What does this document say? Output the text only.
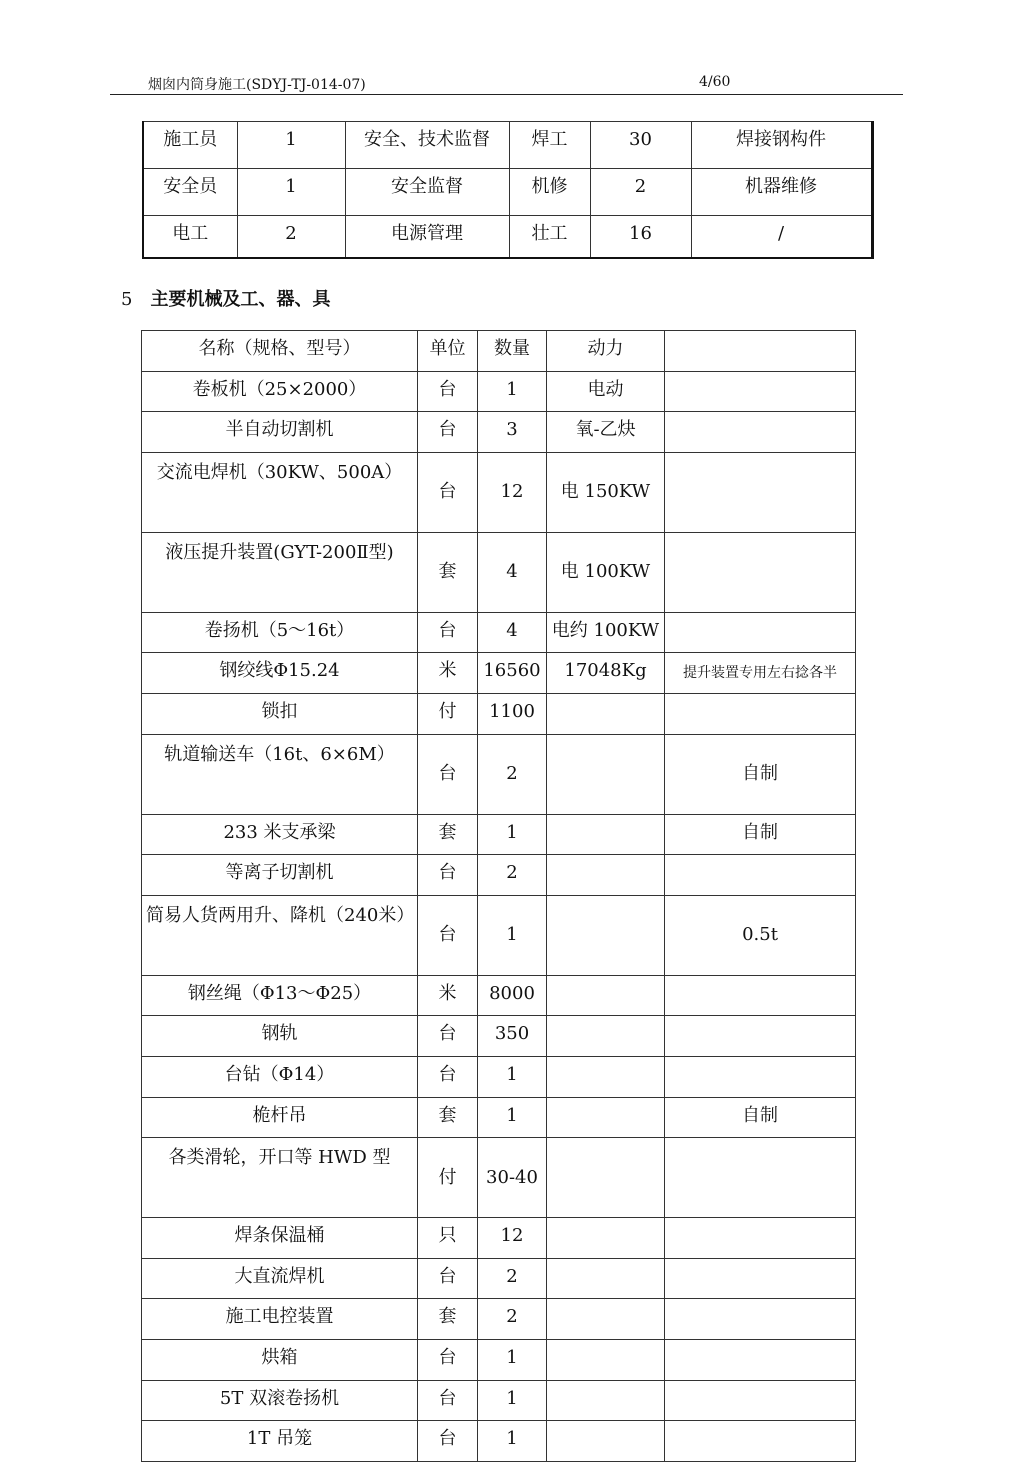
烟囱内筒身施工(SDYJ-TJ-014-07)	4/60
施工员	1	安全、技术监督	焊工	30	焊接钢构件
安全员	1	安全监督	机修	2	机器维修
电工	2	电源管理	壮工	16	/
5 主要机械及工、器、具
名称（规格、型号）	单位	数量	动力	
卷板机（25×2000）	台	1	电动	
半自动切割机	台	3	氧-乙炔	
交流电焊机（30KW、500A）	台	12	电 150KW	
液压提升装置(GYT-200Ⅱ型)	套	4	电 100KW	
卷扬机（5～16t）	台	4	电约 100KW	
钢绞线Φ15.24	米	16560	17048Kg	提升装置专用左右捻各半
锁扣	付	1100		
轨道输送车（16t、6×6M）	台	2		自制
233 米支承梁	套	1		自制
等离子切割机	台	2		
简易人货两用升、降机（240米）	台	1		0.5t
钢丝绳（Φ13～Φ25）	米	8000		
钢轨	台	350		
台钻（Φ14）	台	1		
桅杆吊	套	1		自制
各类滑轮，开口等 HWD 型	付	30-40		
焊条保温桶	只	12		
大直流焊机	台	2		
施工电控装置	套	2		
烘箱	台	1		
5T 双滚卷扬机	台	1		
1T 吊笼	台	1		
